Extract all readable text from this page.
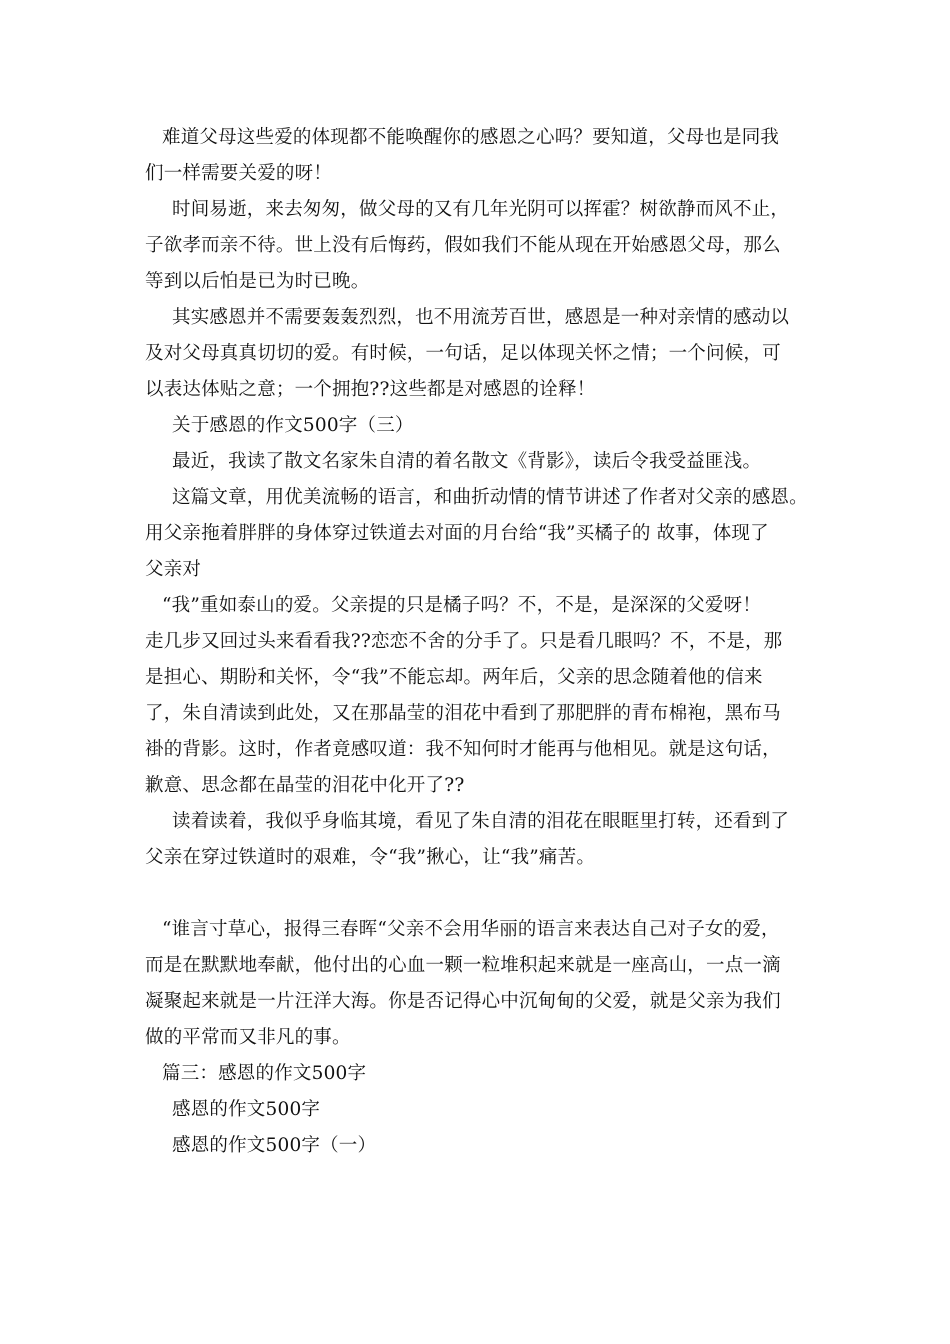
难道父母这些爱的体现都不能唤醒你的感恩之心吗？要知道，父母也是同我
们一样需要关爱的呀！
时间易逝，来去匆匆，做父母的又有几年光阴可以挥霍？树欲静而风不止，
子欲孝而亲不待。世上没有后悔药，假如我们不能从现在开始感恩父母，那么
等到以后怕是已为时已晚。
其实感恩并不需要轰轰烈烈，也不用流芳百世，感恩是一种对亲情的感动以
及对父母真真切切的爱。有时候，一句话，足以体现关怀之情；一个问候，可
以表达体贴之意；一个拥抱??这些都是对感恩的诠释！
关于感恩的作文500字（三）
最近，我读了散文名家朱自清的着名散文《背影》，读后令我受益匪浅。
这篇文章，用优美流畅的语言，和曲折动情的情节讲述了作者对父亲的感恩。
用父亲拖着胖胖的身体穿过铁道去对面的月台给“我”买橘子的 故事，体现了
父亲对
“我”重如泰山的爱。父亲提的只是橘子吗？不，不是，是深深的父爱呀！
走几步又回过头来看看我??恋恋不舍的分手了。只是看几眼吗？不，不是，那
是担心、期盼和关怀，令“我”不能忘却。两年后，父亲的思念随着他的信来
了，朱自清读到此处，又在那晶莹的泪花中看到了那肥胖的青布棉袍，黑布马
褂的背影。这时，作者竟感叹道：我不知何时才能再与他相见。就是这句话，
歉意、思念都在晶莹的泪花中化开了??
读着读着，我似乎身临其境，看见了朱自清的泪花在眼眶里打转，还看到了
父亲在穿过铁道时的艰难，令“我”揪心，让“我”痛苦。
“谁言寸草心，报得三春晖“父亲不会用华丽的语言来表达自己对子女的爱，
而是在默默地奉献，他付出的心血一颗一粒堆积起来就是一座高山，一点一滴
凝聚起来就是一片汪洋大海。你是否记得心中沉甸甸的父爱，就是父亲为我们
做的平常而又非凡的事。
篇三：感恩的作文500字
感恩的作文500字
感恩的作文500字（一）
